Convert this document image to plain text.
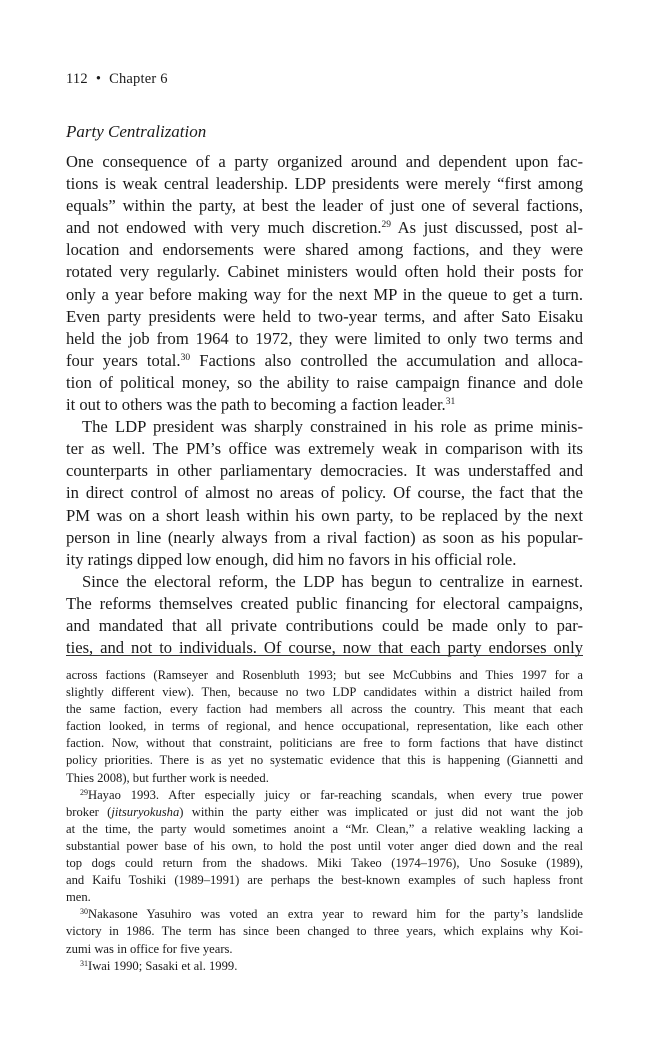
112 • Chapter 6
Party Centralization
One consequence of a party organized around and dependent upon fac-
tions is weak central leadership. LDP presidents were merely “first among
equals” within the party, at best the leader of just one of several factions,
and not endowed with very much discretion.$^{29}$ As just discussed, post al-
location and endorsements were shared among factions, and they were
rotated very regularly. Cabinet ministers would often hold their posts for
only a year before making way for the next MP in the queue to get a turn.
Even party presidents were held to two-year terms, and after Sato Eisaku
held the job from 1964 to 1972, they were limited to only two terms and
four years total.$^{30}$ Factions also controlled the accumulation and alloca-
tion of political money, so the ability to raise campaign finance and dole
it out to others was the path to becoming a faction leader.$^{31}$
The LDP president was sharply constrained in his role as prime minis-
ter as well. The PM’s office was extremely weak in comparison with its
counterparts in other parliamentary democracies. It was understaffed and
in direct control of almost no areas of policy. Of course, the fact that the
PM was on a short leash within his own party, to be replaced by the next
person in line (nearly always from a rival faction) as soon as his popular-
ity ratings dipped low enough, did him no favors in his official role.
Since the electoral reform, the LDP has begun to centralize in earnest.
The reforms themselves created public financing for electoral campaigns,
and mandated that all private contributions could be made only to par-
ties, and not to individuals. Of course, now that each party endorses only
across factions (Ramseyer and Rosenbluth 1993; but see McCubbins and Thies 1997 for a
slightly different view). Then, because no two LDP candidates within a district hailed from
the same faction, every faction had members all across the country. This meant that each
faction looked, in terms of regional, and hence occupational, representation, like each other
faction. Now, without that constraint, politicians are free to form factions that have distinct
policy priorities. There is as yet no systematic evidence that this is happening (Giannetti and
Thies 2008), but further work is needed.
$^{29}$Hayao 1993. After especially juicy or far-reaching scandals, when every true power
broker (jitsuryokusha) within the party either was implicated or just did not want the job
at the time, the party would sometimes anoint a “Mr. Clean,” a relative weakling lacking a
substantial power base of his own, to hold the post until voter anger died down and the real
top dogs could return from the shadows. Miki Takeo (1974–1976), Uno Sosuke (1989),
and Kaifu Toshiki (1989–1991) are perhaps the best-known examples of such hapless front
men.
$^{30}$Nakasone Yasuhiro was voted an extra year to reward him for the party’s landslide
victory in 1986. The term has since been changed to three years, which explains why Koi-
zumi was in office for five years.
$^{31}$Iwai 1990; Sasaki et al. 1999.
